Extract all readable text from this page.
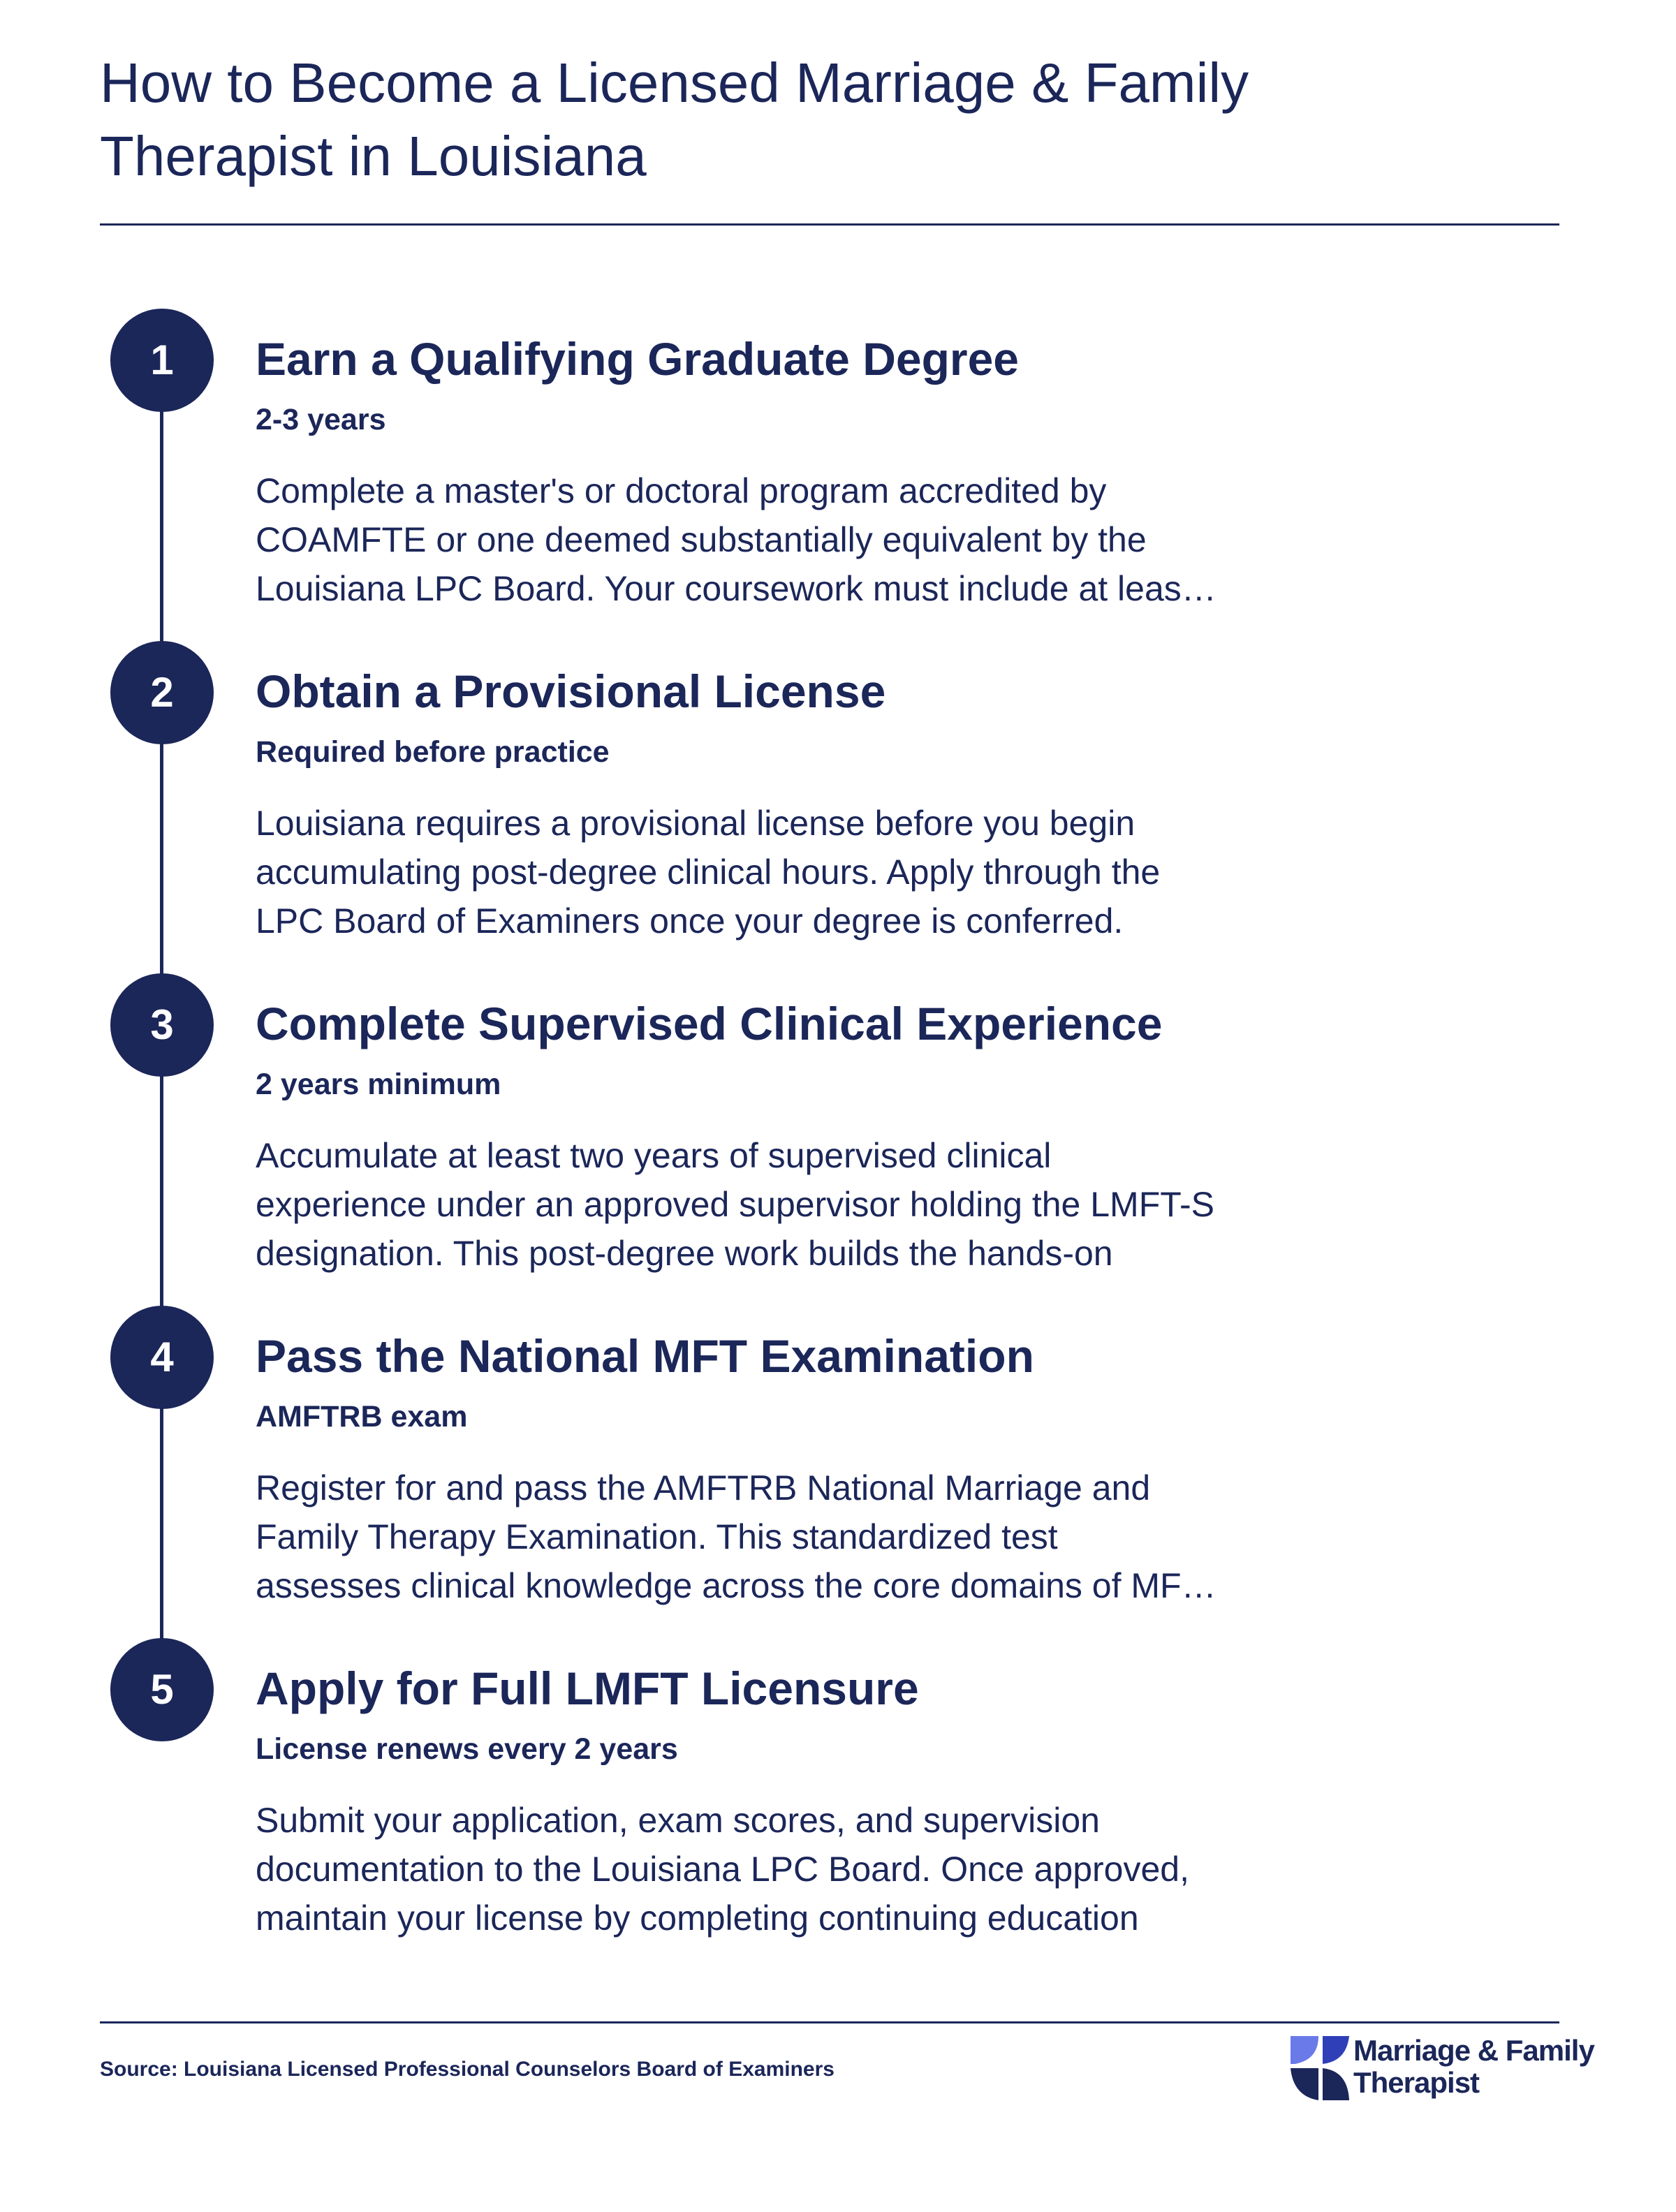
How to Become a Licensed Marriage & Family
Therapist in Louisiana
1	Earn a Qualifying Graduate Degree
2-3 years
Complete a master's or doctoral program accredited by
COAMFTE or one deemed substantially equivalent by the
Louisiana LPC Board. Your coursework must include at leas…
2	Obtain a Provisional License
Required before practice
Louisiana requires a provisional license before you begin
accumulating post-degree clinical hours. Apply through the
LPC Board of Examiners once your degree is conferred.
3	Complete Supervised Clinical Experience
2 years minimum
Accumulate at least two years of supervised clinical
experience under an approved supervisor holding the LMFT-S
designation. This post-degree work builds the hands-on
4	Pass the National MFT Examination
AMFTRB exam
Register for and pass the AMFTRB National Marriage and
Family Therapy Examination. This standardized test
assesses clinical knowledge across the core domains of MF…
5	Apply for Full LMFT Licensure
License renews every 2 years
Submit your application, exam scores, and supervision
documentation to the Louisiana LPC Board. Once approved,
maintain your license by completing continuing education
Source: Louisiana Licensed Professional Counselors Board of Examiners
Marriage & Family
Therapist
